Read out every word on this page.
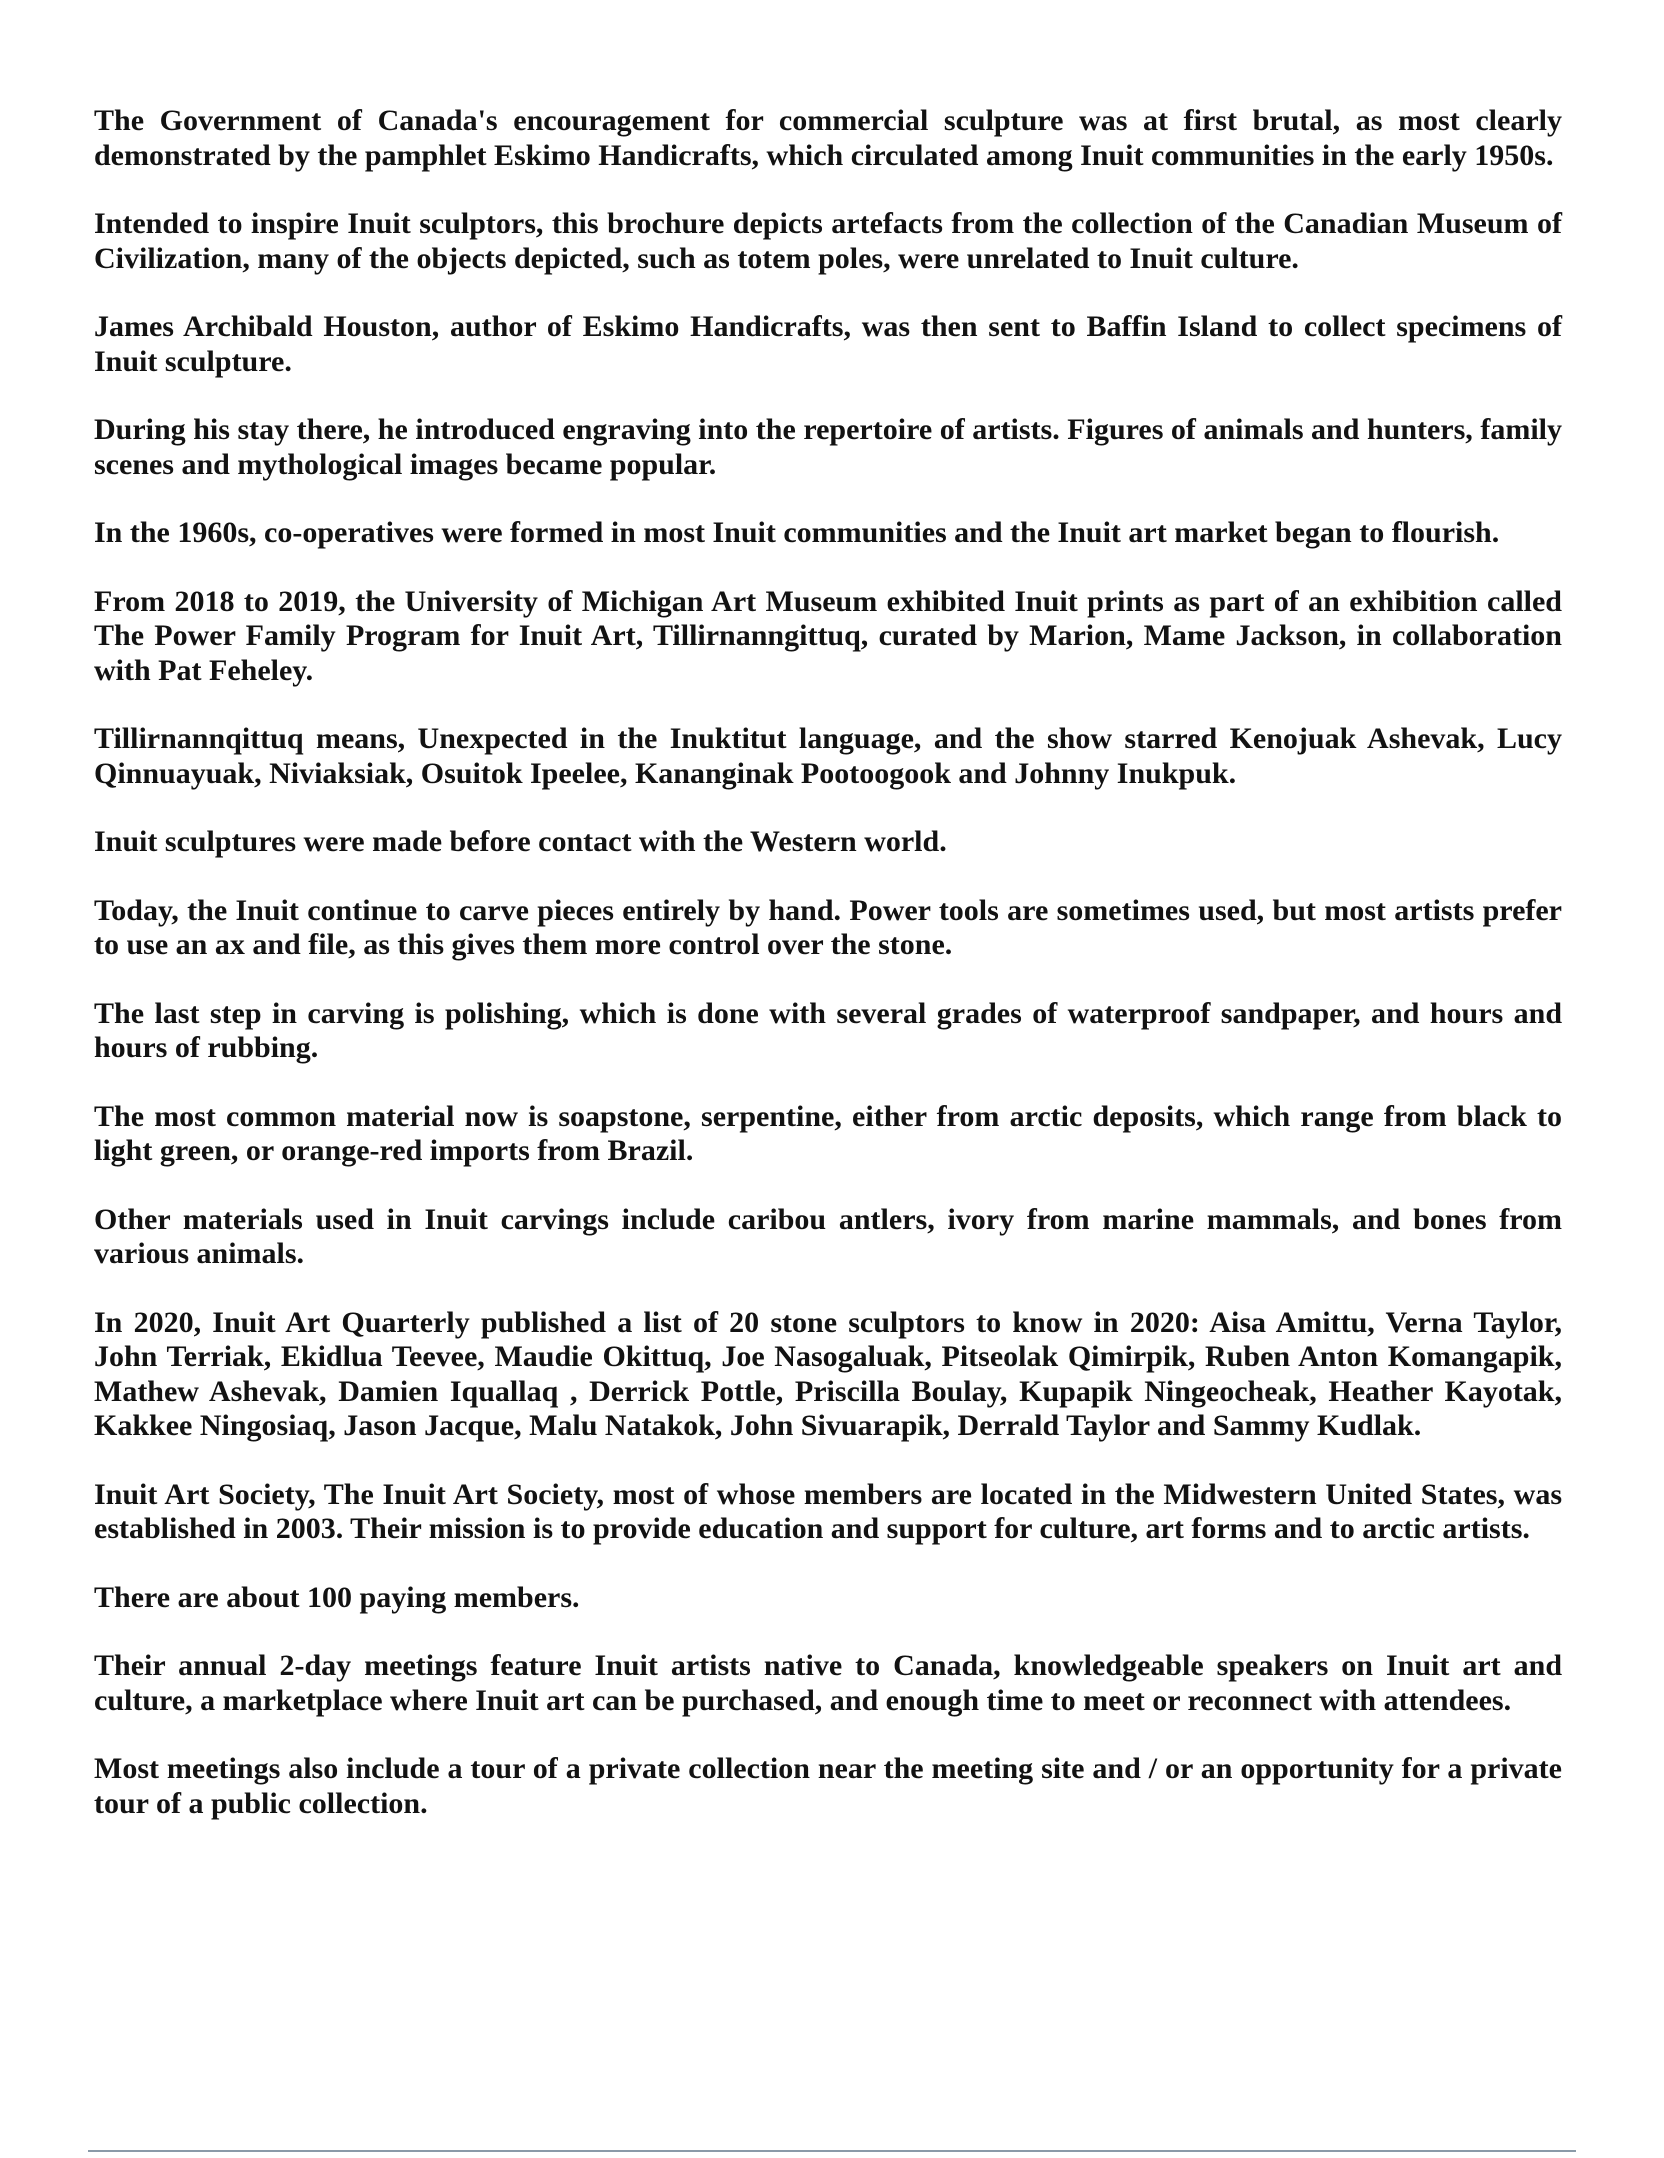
The Government of Canada's encouragement for commercial sculpture was at first brutal, as most clearly demonstrated by the pamphlet Eskimo Handicrafts, which circulated among Inuit communities in the early 1950s.

Intended to inspire Inuit sculptors, this brochure depicts artefacts from the collection of the Canadian Museum of Civilization, many of the objects depicted, such as totem poles, were unrelated to Inuit culture.

James Archibald Houston, author of Eskimo Handicrafts, was then sent to Baffin Island to collect specimens of Inuit sculpture.

During his stay there, he introduced engraving into the repertoire of artists. Figures of animals and hunters, family scenes and mythological images became popular.

In the 1960s, co-operatives were formed in most Inuit communities and the Inuit art market began to flourish.

From 2018 to 2019, the University of Michigan Art Museum exhibited Inuit prints as part of an exhibition called The Power Family Program for Inuit Art, Tillirnanngittuq, curated by Marion, Mame Jackson, in collaboration with Pat Feheley.

Tillirnannqittuq means, Unexpected in the Inuktitut language, and the show starred Kenojuak Ashevak, Lucy Qinnuayuak, Niviaksiak, Osuitok Ipeelee, Kananginak Pootoogook and Johnny Inukpuk.

Inuit sculptures were made before contact with the Western world.

Today, the Inuit continue to carve pieces entirely by hand. Power tools are sometimes used, but most artists prefer to use an ax and file, as this gives them more control over the stone.

The last step in carving is polishing, which is done with several grades of waterproof sandpaper, and hours and hours of rubbing.

The most common material now is soapstone, serpentine, either from arctic deposits, which range from black to light green, or orange-red imports from Brazil.

Other materials used in Inuit carvings include caribou antlers, ivory from marine mammals, and bones from various animals.

In 2020, Inuit Art Quarterly published a list of 20 stone sculptors to know in 2020: Aisa Amittu, Verna Taylor, John Terriak, Ekidlua Teevee, Maudie Okittuq, Joe Nasogaluak, Pitseolak Qimirpik, Ruben Anton Komangapik, Mathew Ashevak, Damien Iquallaq , Derrick Pottle, Priscilla Boulay, Kupapik Ningeocheak, Heather Kayotak, Kakkee Ningosiaq, Jason Jacque, Malu Natakok, John Sivuarapik, Derrald Taylor and Sammy Kudlak.

Inuit Art Society, The Inuit Art Society, most of whose members are located in the Midwestern United States, was established in 2003. Their mission is to provide education and support for culture, art forms and to arctic artists.

There are about 100 paying members.

Their annual 2-day meetings feature Inuit artists native to Canada, knowledgeable speakers on Inuit art and culture, a marketplace where Inuit art can be purchased, and enough time to meet or reconnect with attendees.

Most meetings also include a tour of a private collection near the meeting site and / or an opportunity for a private tour of a public collection.
